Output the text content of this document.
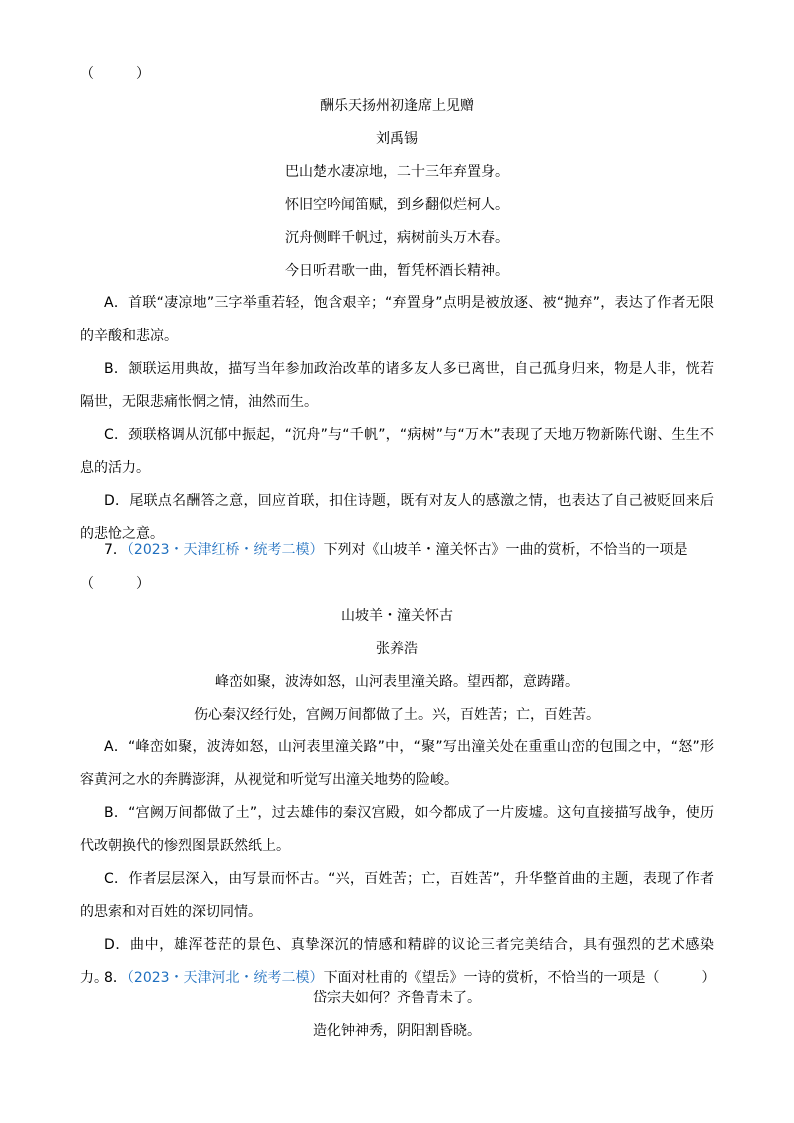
（　　　）
酬乐天扬州初逢席上见赠
刘禹锡
巴山楚水凄凉地，二十三年弃置身。
怀旧空吟闻笛赋，到乡翻似烂柯人。
沉舟侧畔千帆过，病树前头万木春。
今日听君歌一曲，暂凭杯酒长精神。
A．首联“凄凉地”三字举重若轻，饱含艰辛；“弃置身”点明是被放逐、被“抛弃”，表达了作者无限的辛酸和悲凉。
B．颔联运用典故，描写当年参加政治改革的诸多友人多已离世，自己孤身归来，物是人非，恍若隔世，无限悲痛怅惘之情，油然而生。
C．颈联格调从沉郁中振起，“沉舟”与“千帆”，“病树”与“万木”表现了天地万物新陈代谢、生生不息的活力。
D．尾联点名酬答之意，回应首联，扣住诗题，既有对友人的感激之情，也表达了自己被贬回来后的悲怆之意。
7．（2023・天津红桥・统考二模）下列对《山坡羊・潼关怀古》一曲的赏析，不恰当的一项是
（　　　）
山坡羊・潼关怀古
张养浩
峰峦如聚，波涛如怒，山河表里潼关路。望西都，意踌躇。
伤心秦汉经行处，宫阙万间都做了土。兴，百姓苦；亡，百姓苦。
A．“峰峦如聚，波涛如怒，山河表里潼关路”中，“聚”写出潼关处在重重山峦的包围之中，“怒”形容黄河之水的奔腾澎湃，从视觉和听觉写出潼关地势的险峻。
B．“宫阙万间都做了土”，过去雄伟的秦汉宫殿，如今都成了一片废墟。这句直接描写战争，使历代改朝换代的惨烈图景跃然纸上。
C．作者层层深入，由写景而怀古。“兴，百姓苦；亡，百姓苦”，升华整首曲的主题，表现了作者的思索和对百姓的深切同情。
D．曲中，雄浑苍茫的景色、真挚深沉的情感和精辟的议论三者完美结合，具有强烈的艺术感染力。
8．（2023・天津河北・统考二模）下面对杜甫的《望岳》一诗的赏析，不恰当的一项是（　　　）
岱宗夫如何？齐鲁青未了。
造化钟神秀，阴阳割昏晓。
